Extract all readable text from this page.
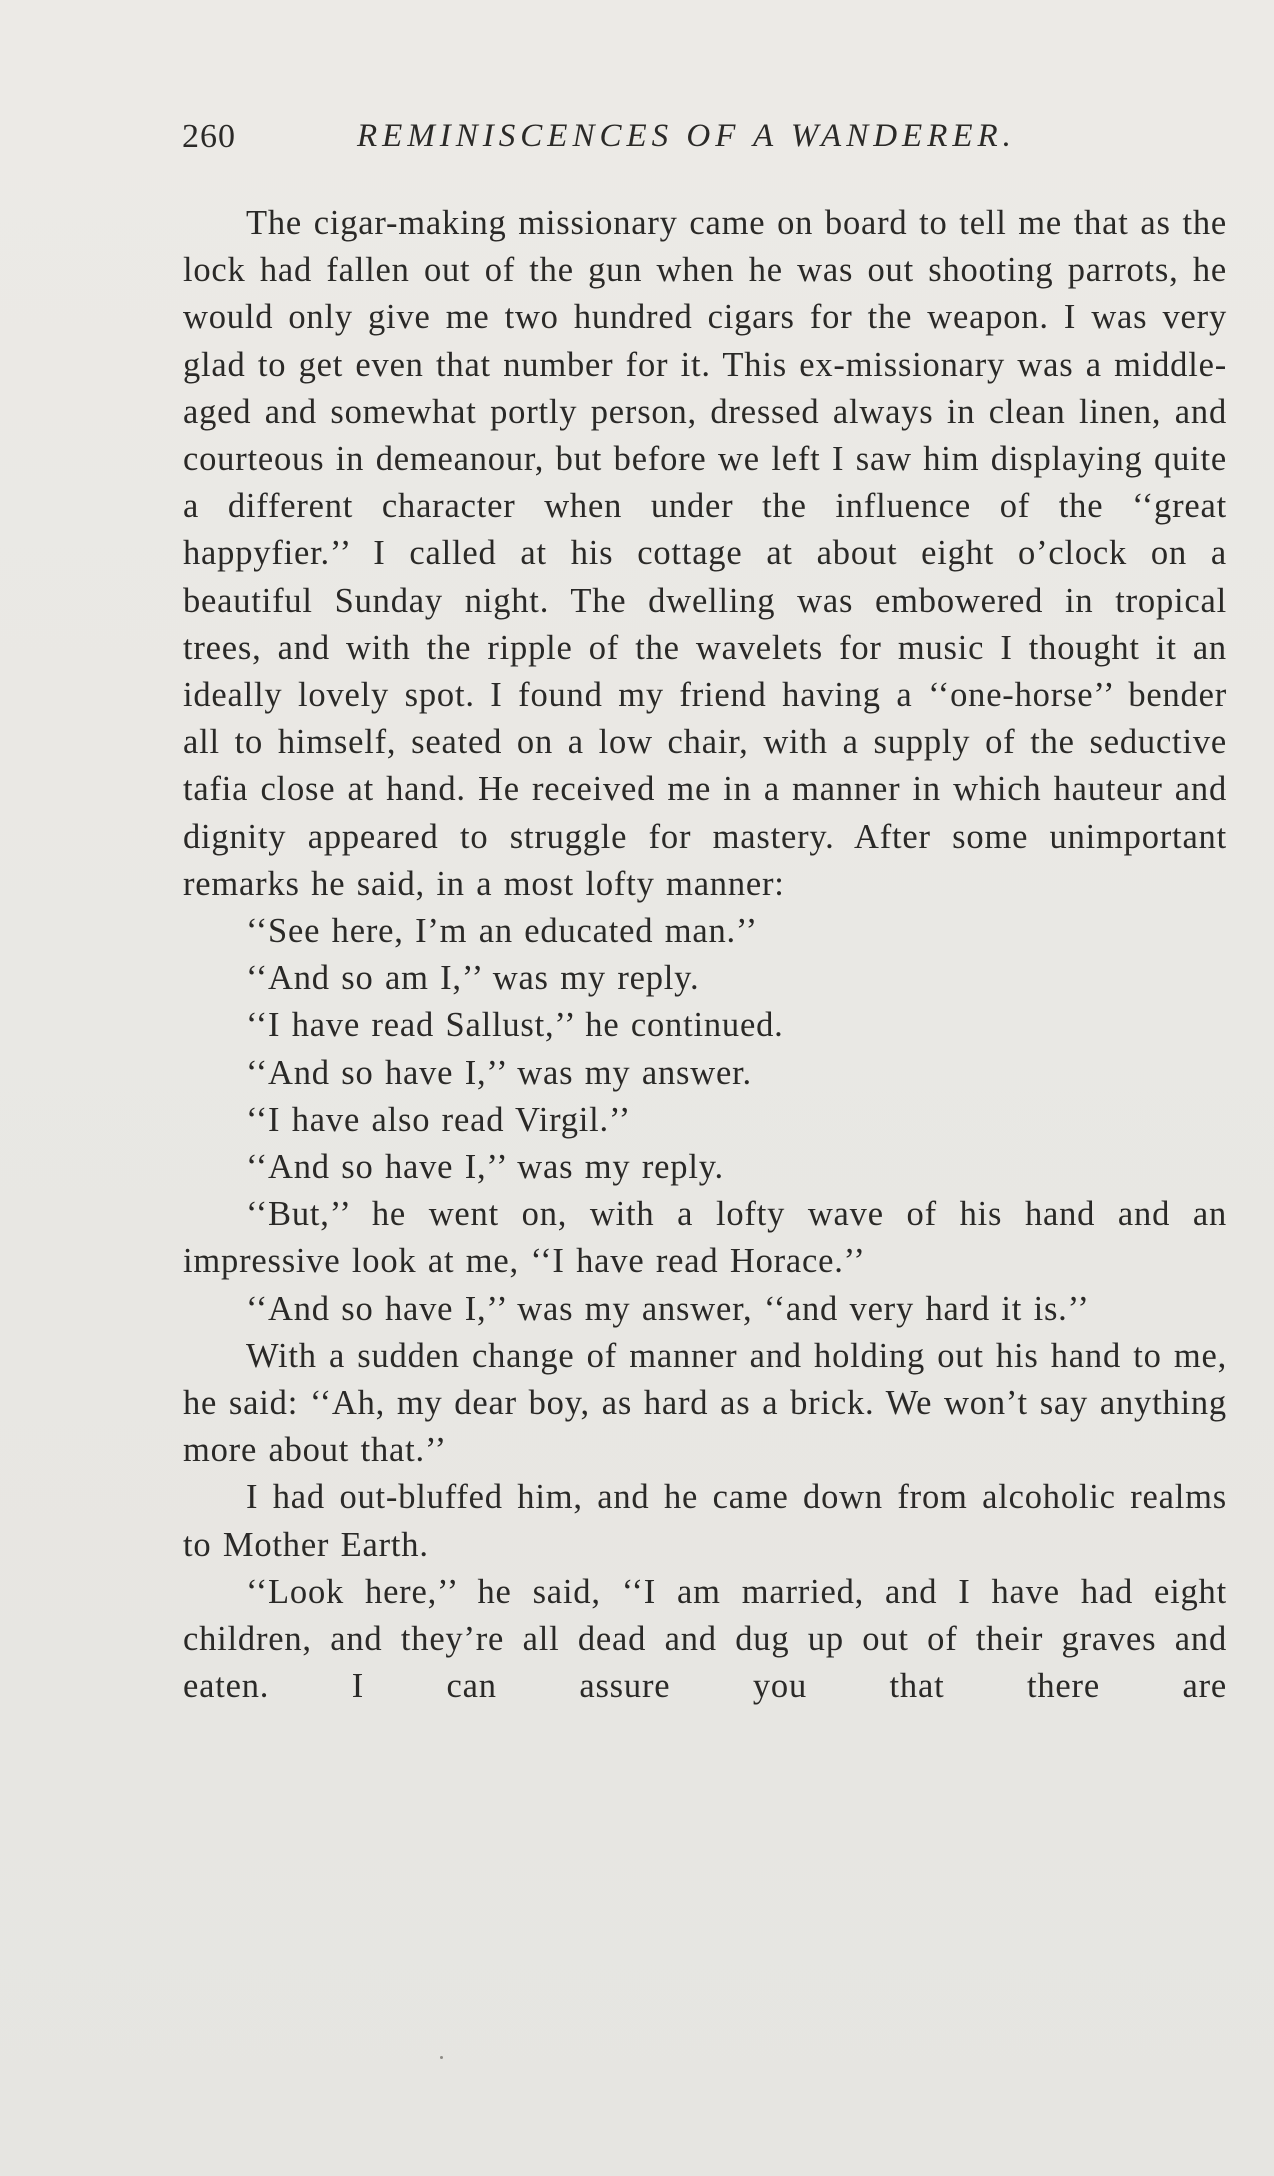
260	REMINISCENCES OF A WANDERER.

The cigar-making missionary came on board to tell me that as the lock had fallen out of the gun when he was out shooting parrots, he would only give me two hundred cigars for the weapon. I was very glad to get even that number for it. This ex-missionary was a middle-aged and somewhat portly person, dressed always in clean linen, and courteous in demeanour, but before we left I saw him displaying quite a different character when under the influence of the ‘‘great happyfier.’’ I called at his cottage at about eight o’clock on a beautiful Sunday night. The dwelling was embowered in tropical trees, and with the ripple of the wavelets for music I thought it an ideally lovely spot. I found my friend having a ‘‘one-horse’’ bender all to himself, seated on a low chair, with a supply of the seductive tafia close at hand. He received me in a manner in which hauteur and dignity appeared to struggle for mastery. After some unimportant remarks he said, in a most lofty manner:

‘‘See here, I’m an educated man.’’

‘‘And so am I,’’ was my reply.

‘‘I have read Sallust,’’ he continued.

‘‘And so have I,’’ was my answer.

‘‘I have also read Virgil.’’

‘‘And so have I,’’ was my reply.

‘‘But,’’ he went on, with a lofty wave of his hand and an impressive look at me, ‘‘I have read Horace.’’

‘‘And so have I,’’ was my answer, ‘‘and very hard it is.’’

With a sudden change of manner and holding out his hand to me, he said: ‘‘Ah, my dear boy, as hard as a brick. We won’t say anything more about that.’’

I had out-bluffed him, and he came down from alcoholic realms to Mother Earth.

‘‘Look here,’’ he said, ‘‘I am married, and I have had eight children, and they’re all dead and dug up out of their graves and eaten. I can assure you that there are
